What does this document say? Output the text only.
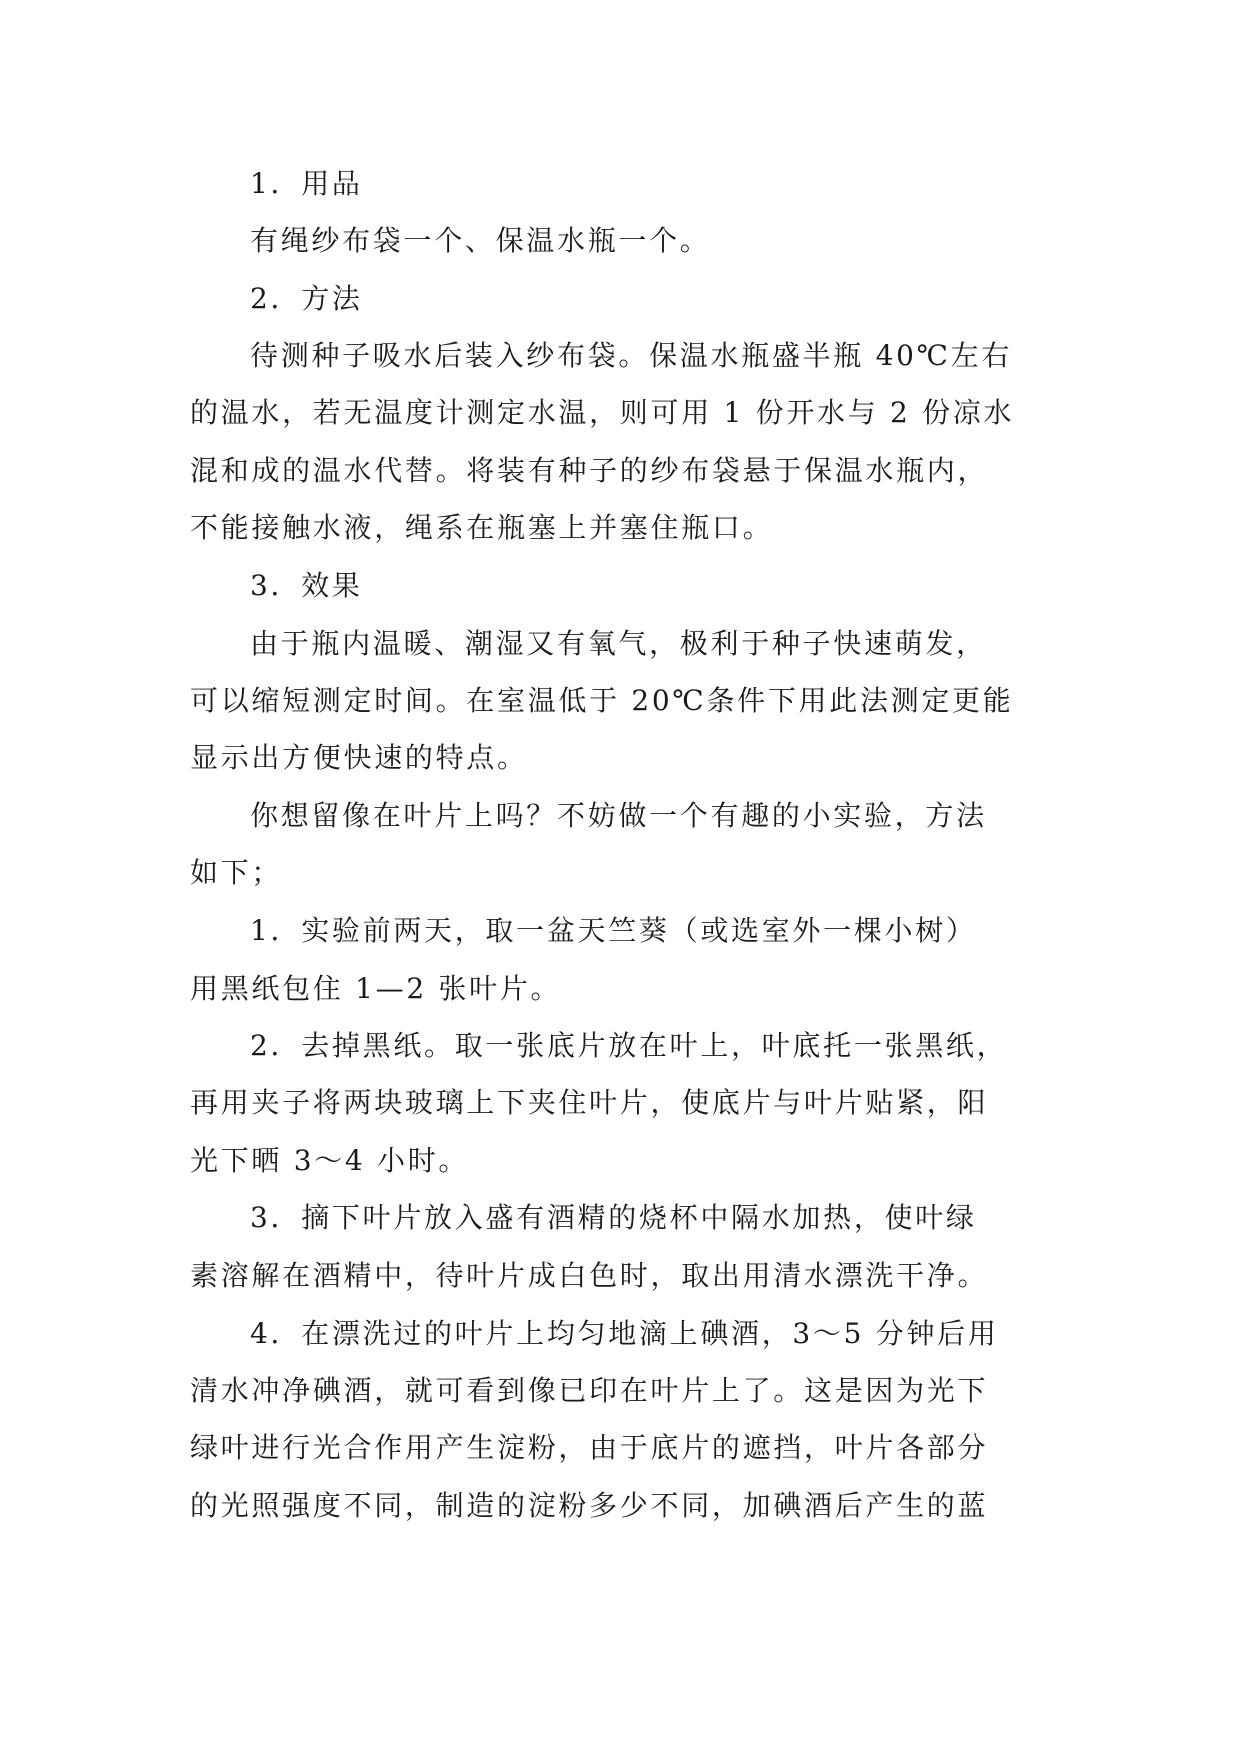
1．用品
有绳纱布袋一个、保温水瓶一个。
2．方法
待测种子吸水后装入纱布袋。保温水瓶盛半瓶 40℃左右
的温水，若无温度计测定水温，则可用 1 份开水与 2 份凉水
混和成的温水代替。将装有种子的纱布袋悬于保温水瓶内，
不能接触水液，绳系在瓶塞上并塞住瓶口。
3．效果
由于瓶内温暖、潮湿又有氧气，极利于种子快速萌发，
可以缩短测定时间。在室温低于 20℃条件下用此法测定更能
显示出方便快速的特点。
你想留像在叶片上吗？不妨做一个有趣的小实验，方法
如下；
1．实验前两天，取一盆天竺葵（或选室外一棵小树）
用黑纸包住 1—2 张叶片。
2．去掉黑纸。取一张底片放在叶上，叶底托一张黑纸，
再用夹子将两块玻璃上下夹住叶片，使底片与叶片贴紧，阳
光下晒 3～4 小时。
3．摘下叶片放入盛有酒精的烧杯中隔水加热，使叶绿
素溶解在酒精中，待叶片成白色时，取出用清水漂洗干净。
4．在漂洗过的叶片上均匀地滴上碘酒，3～5 分钟后用
清水冲净碘酒，就可看到像已印在叶片上了。这是因为光下
绿叶进行光合作用产生淀粉，由于底片的遮挡，叶片各部分
的光照强度不同，制造的淀粉多少不同，加碘酒后产生的蓝
